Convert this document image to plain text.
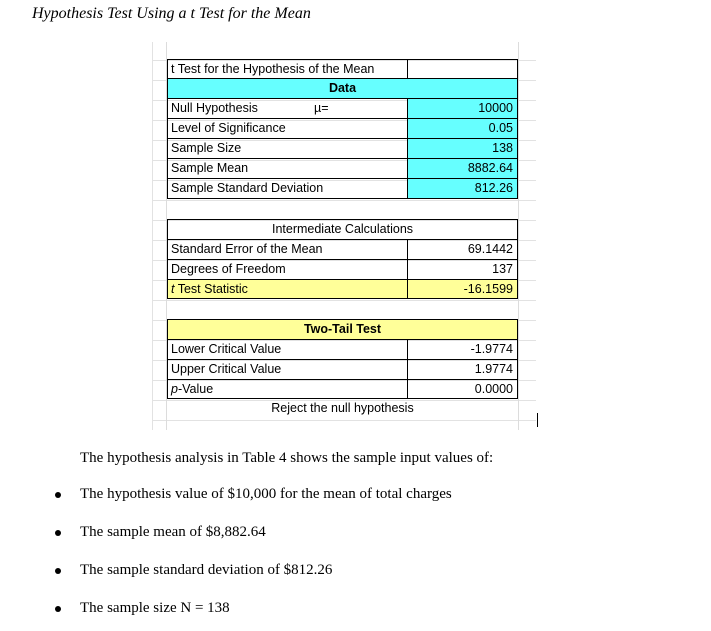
Hypothesis Test Using a t Test for the Mean
t Test for the Hypothesis of the Mean
Data
Null Hypothesis	µ=	10000
Level of Significance	0.05
Sample Size	138
Sample Mean	8882.64
Sample Standard Deviation	812.26
Intermediate Calculations
Standard Error of the Mean	69.1442
Degrees of Freedom	137
t Test Statistic	-16.1599
Two-Tail Test
Lower Critical Value	-1.9774
Upper Critical Value	1.9774
p-Value	0.0000
Reject the null hypothesis
The hypothesis analysis in Table 4 shows the sample input values of:
The hypothesis value of $10,000 for the mean of total charges
The sample mean of $8,882.64
The sample standard deviation of $812.26
The sample size N = 138
